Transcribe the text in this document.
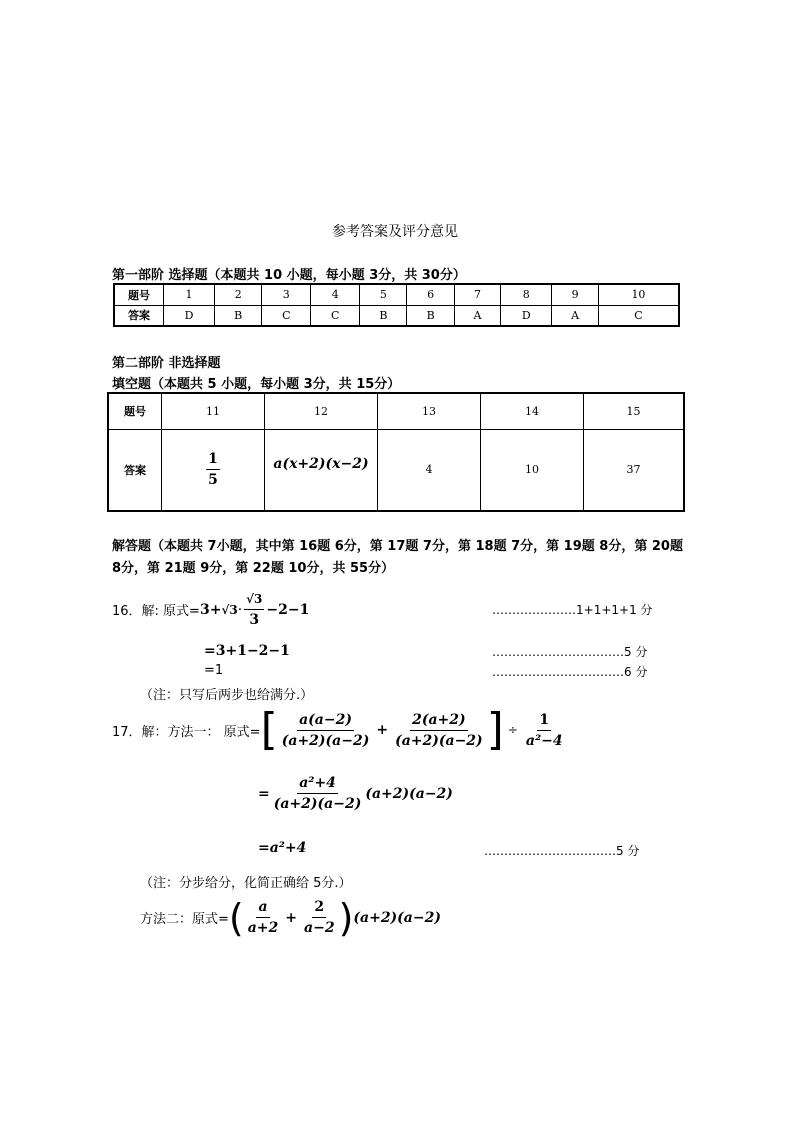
参考答案及评分意见
第一部阶 选择题（本题共 10 小题，每小题 3分，共 30分）
题号	1	2	3	4	5	6	7	8	9	10
答案	D	B	C	C	B	B	A	D	A	C
第二部阶 非选择题
填空题（本题共 5 小题，每小题 3分，共 15分）
题号	11	12	13	14	15
答案	$\frac{1}{5}$	a(x+2)(x−2)	4	10	37
解答题（本题共 7小题，其中第 16题 6分，第 17题 7分，第 18题 7分，第 19题 8分，第 20题 8分，第 21题 9分，第 22题 10分，共 55分）
16．解: 原式= $3+ √3 \cdot \frac{√3}{3} -2-1$	…………………1+1+1+1 分
=3+1−2−1	……………………………5 分
=1	……………………………6 分
（注：只写后两步也给满分.）
17．解：方法一： 原式= [ $\frac{a(a-2)}{(a+2)(a-2)} + \frac{2(a+2)}{(a+2)(a-2)}$ ] ÷ $\frac{1}{\text{a²−4}}$
= $\frac{\text{a²+4}}{(a+2)(a-2)} (a+2)(a-2)$
=a²+4	……………………………5 分
（注：分步给分，化简正确给 5分.）
方法二：原式= ( $\frac{a}{a+2} + \frac{2}{a-2}$ ) (a+2)(a−2)
